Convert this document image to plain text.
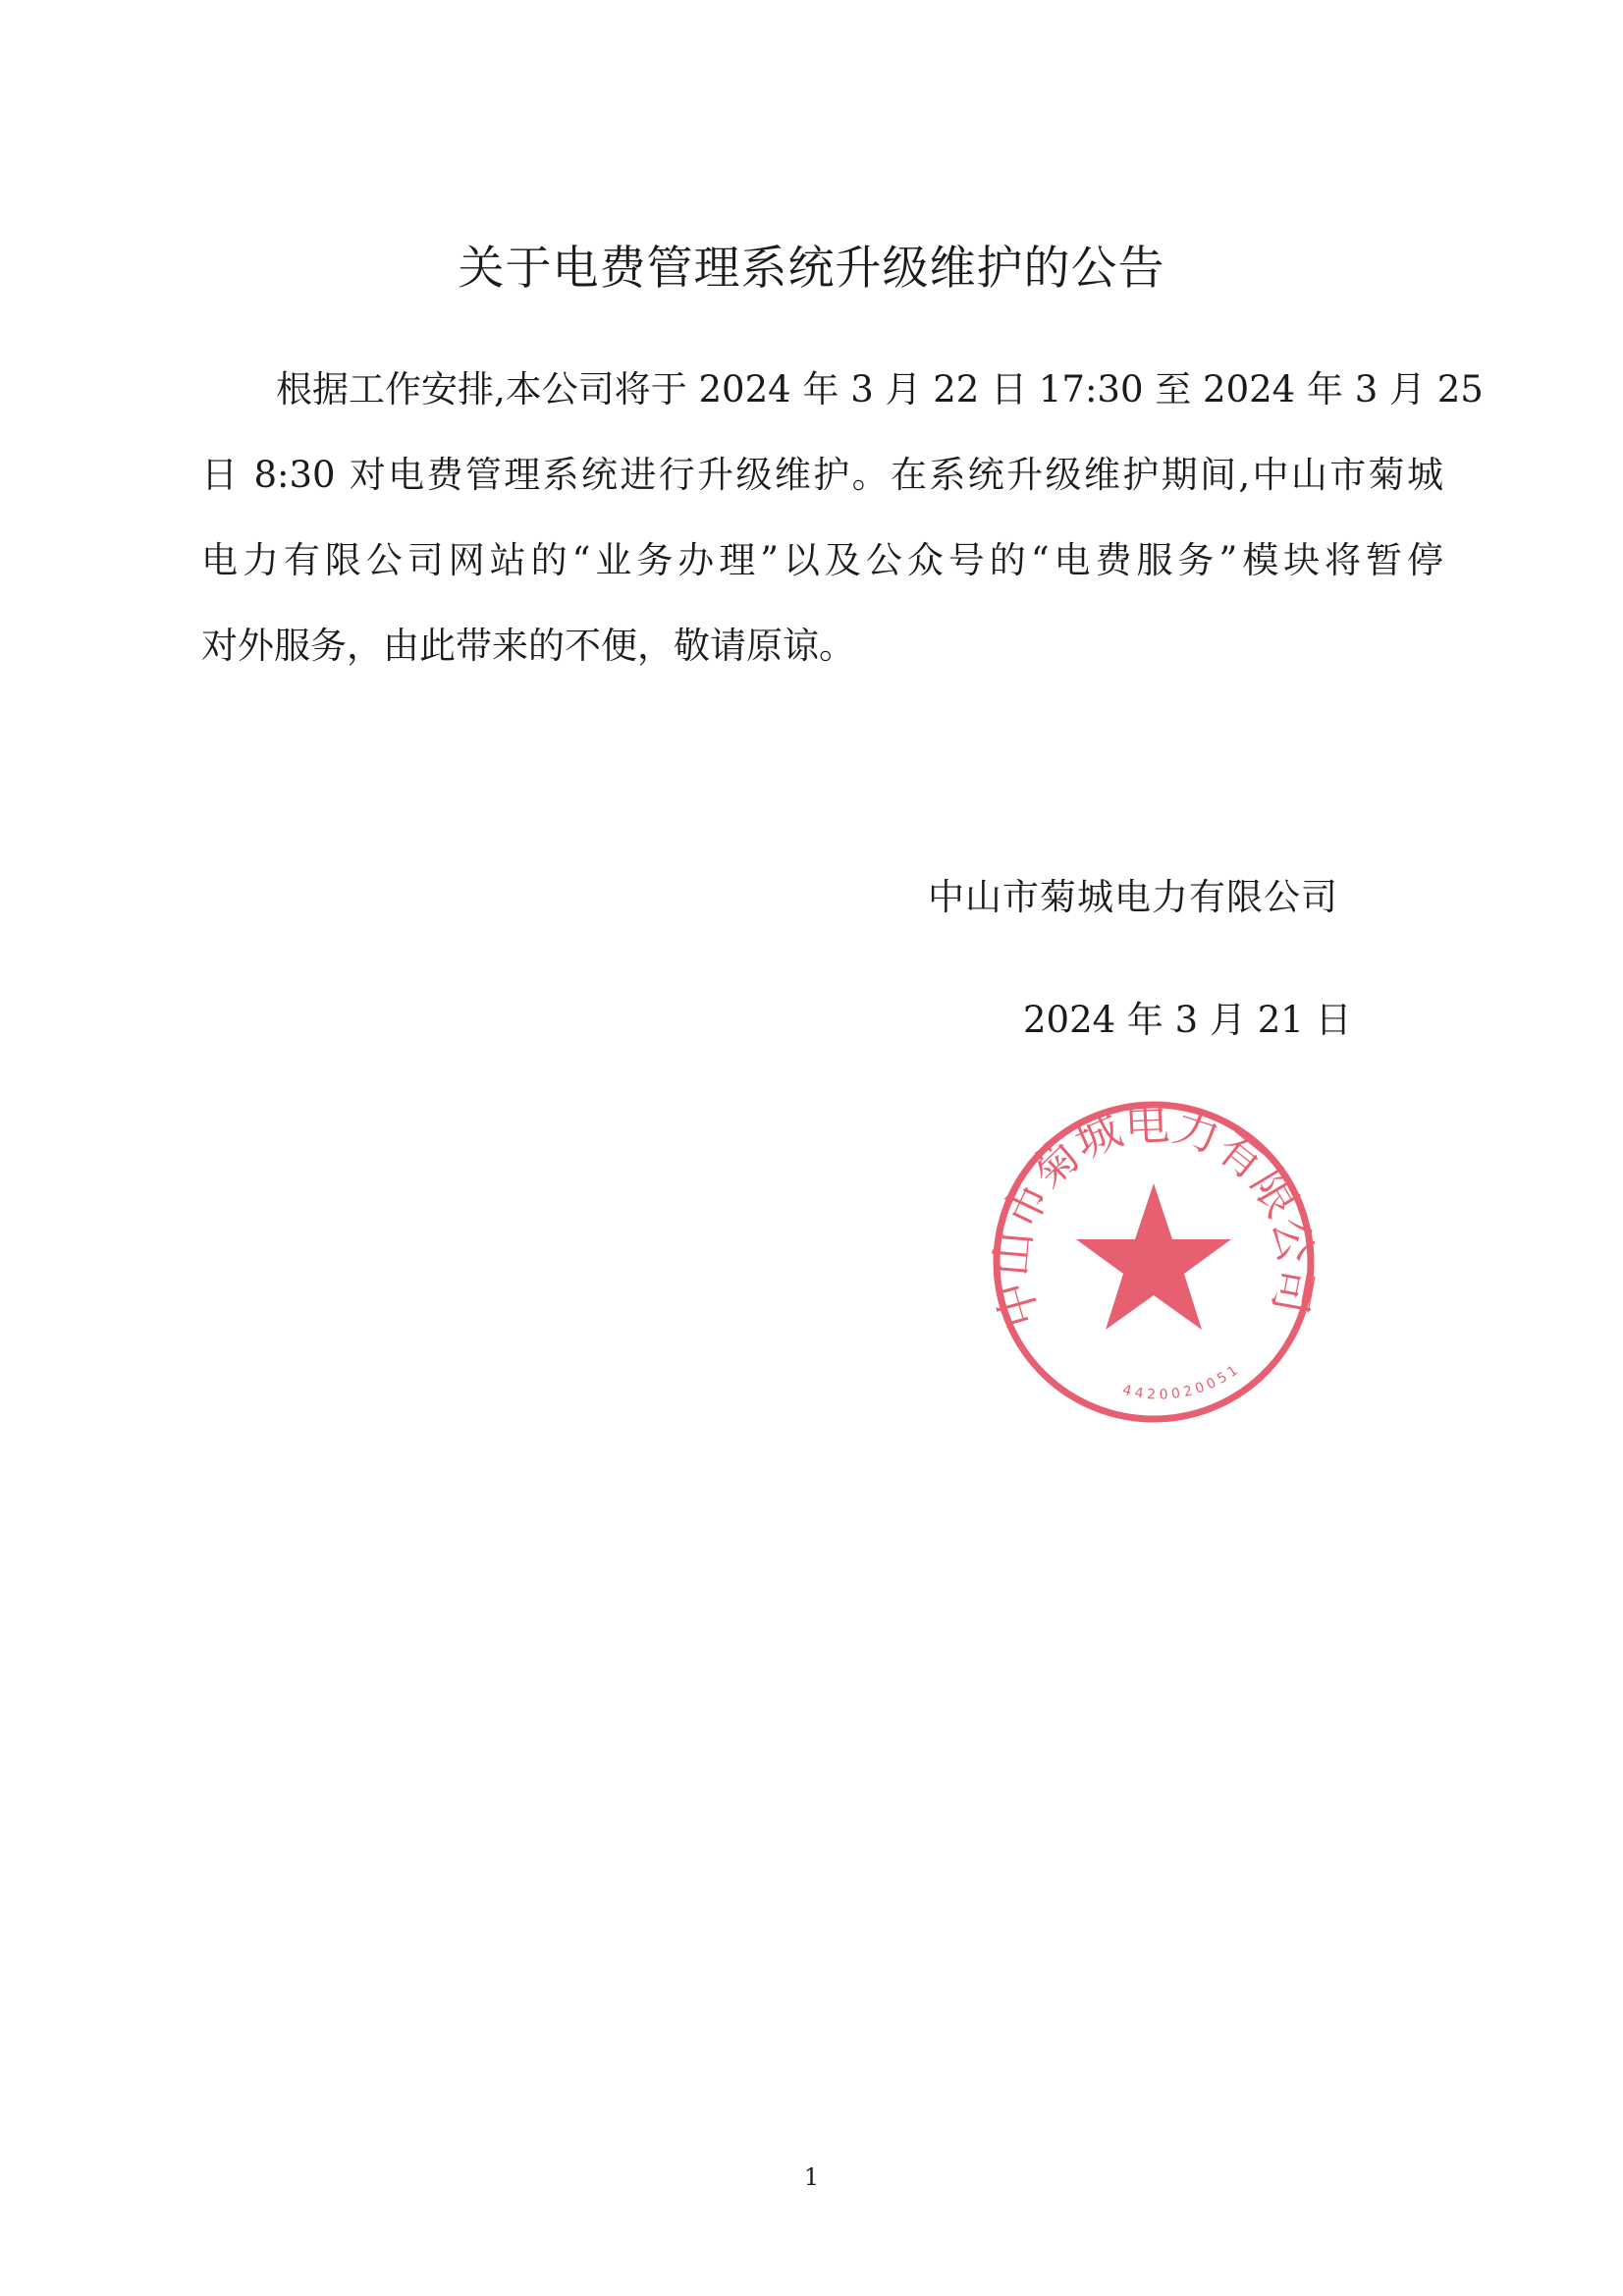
关于电费管理系统升级维护的公告
根据工作安排,本公司将于 2024 年 3 月 22 日 17:30 至 2024 年 3 月 25
日 8:30 对电费管理系统进行升级维护。在系统升级维护期间,中山市菊城
电力有限公司网站的“业务办理”以及公众号的“电费服务”模块将暂停
对外服务，由此带来的不便，敬请原谅。
中山市菊城电力有限公司
4420020051
中山市菊城电力有限公司
2024 年 3 月 21 日
1
